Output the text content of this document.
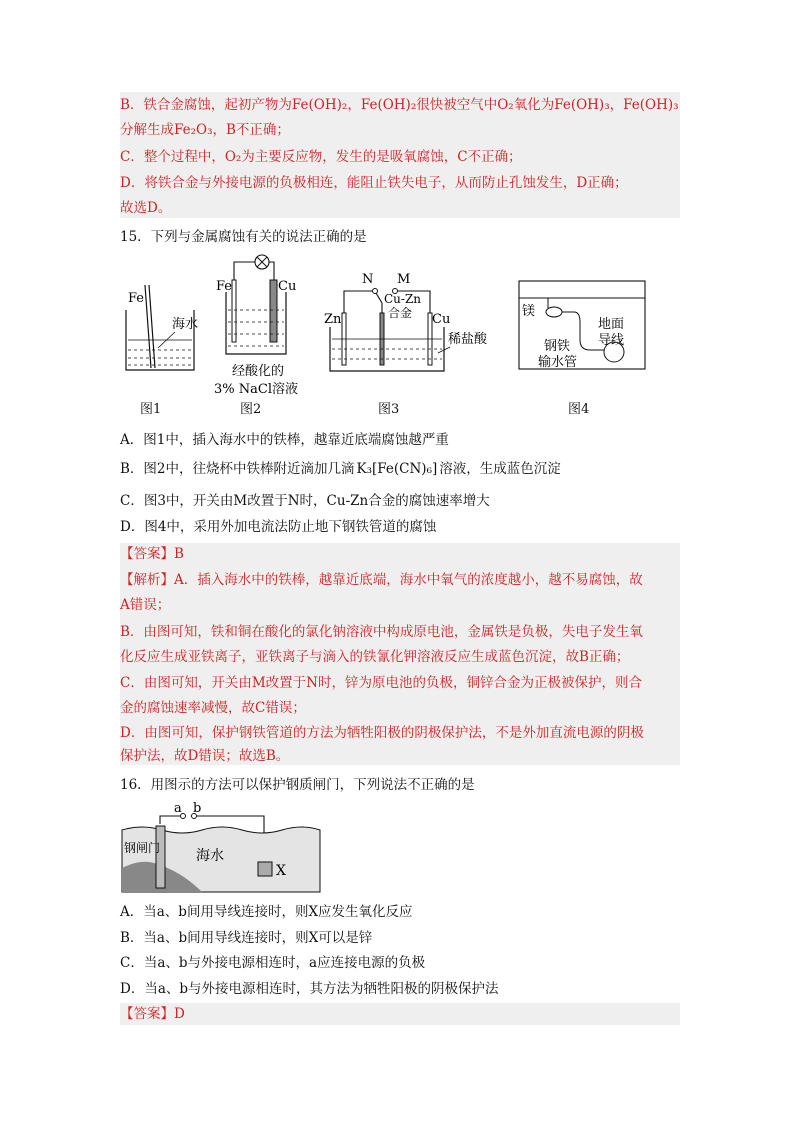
B．铁合金腐蚀，起初产物为Fe(OH)₂，Fe(OH)₂很快被空气中O₂氧化为Fe(OH)₃，Fe(OH)₃
分解生成Fe₂O₃，B不正确；
C．整个过程中，O₂为主要反应物，发生的是吸氧腐蚀，C不正确；
D．将铁合金与外接电源的负极相连，能阻止铁失电子，从而防止孔蚀发生，D正确；
故选D。
15．下列与金属腐蚀有关的说法正确的是
Fe
海水
图1
Fe	Cu
经酸化的
3% NaCl溶液
图2
N M
Cu-Zn
合金
Zn	Cu
稀盐酸
图3
镁
地面
导线
钢铁
输水管
图4
A．图1中，插入海水中的铁棒，越靠近底端腐蚀越严重
B．图2中，往烧杯中铁棒附近滴加几滴 K₃[Fe(CN)₆] 溶液，生成蓝色沉淀
C．图3中，开关由M改置于N时，Cu-Zn合金的腐蚀速率增大
D．图4中，采用外加电流法防止地下钢铁管道的腐蚀
【答案】B
【解析】A．插入海水中的铁棒，越靠近底端，海水中氧气的浓度越小，越不易腐蚀，故
A错误；
B．由图可知，铁和铜在酸化的氯化钠溶液中构成原电池，金属铁是负极，失电子发生氧
化反应生成亚铁离子，亚铁离子与滴入的铁氰化钾溶液反应生成蓝色沉淀，故B正确；
C．由图可知，开关由M改置于N时，锌为原电池的负极，铜锌合金为正极被保护，则合
金的腐蚀速率减慢，故C错误；
D．由图可知，保护钢铁管道的方法为牺牲阳极的阴极保护法，不是外加直流电源的阴极
保护法，故D错误；故选B。
16．用图示的方法可以保护钢质闸门，下列说法不正确的是
a b
钢闸门	海水
X
A．当a、b间用导线连接时，则X应发生氧化反应
B．当a、b间用导线连接时，则X可以是锌
C．当a、b与外接电源相连时，a应连接电源的负极
D．当a、b与外接电源相连时，其方法为牺牲阳极的阴极保护法
【答案】D
